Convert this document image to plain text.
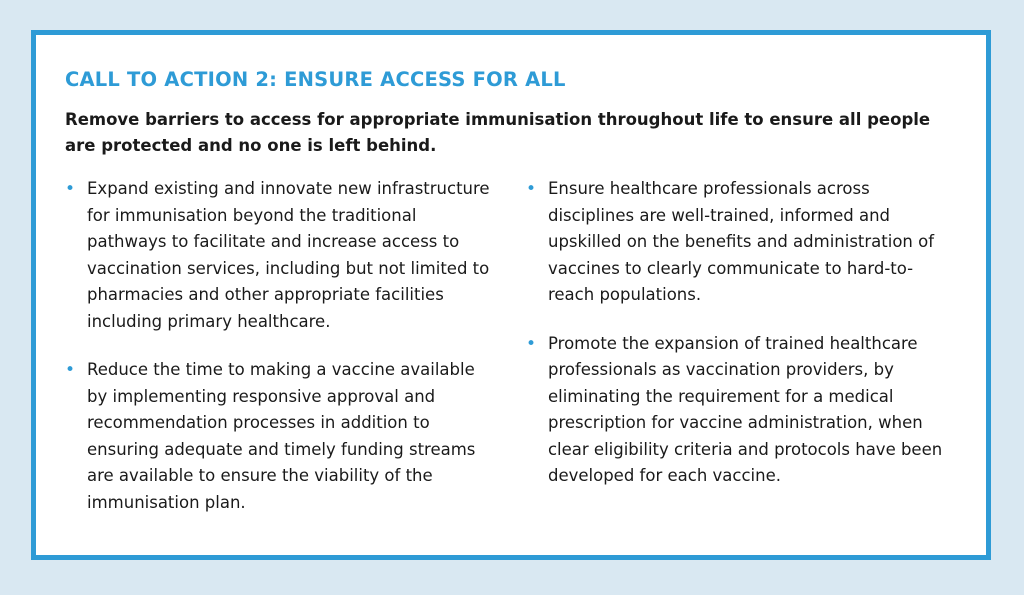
CALL TO ACTION 2: ENSURE ACCESS FOR ALL

Remove barriers to access for appropriate immunisation throughout life to ensure all people are protected and no one is left behind.

• Expand existing and innovate new infrastructure for immunisation beyond the traditional pathways to facilitate and increase access to vaccination services, including but not limited to pharmacies and other appropriate facilities including primary healthcare.
• Reduce the time to making a vaccine available by implementing responsive approval and recommendation processes in addition to ensuring adequate and timely funding streams are available to ensure the viability of the immunisation plan.
• Ensure healthcare professionals across disciplines are well-trained, informed and upskilled on the benefits and administration of vaccines to clearly communicate to hard-to-reach populations.
• Promote the expansion of trained healthcare professionals as vaccination providers, by eliminating the requirement for a medical prescription for vaccine administration, when clear eligibility criteria and protocols have been developed for each vaccine.
